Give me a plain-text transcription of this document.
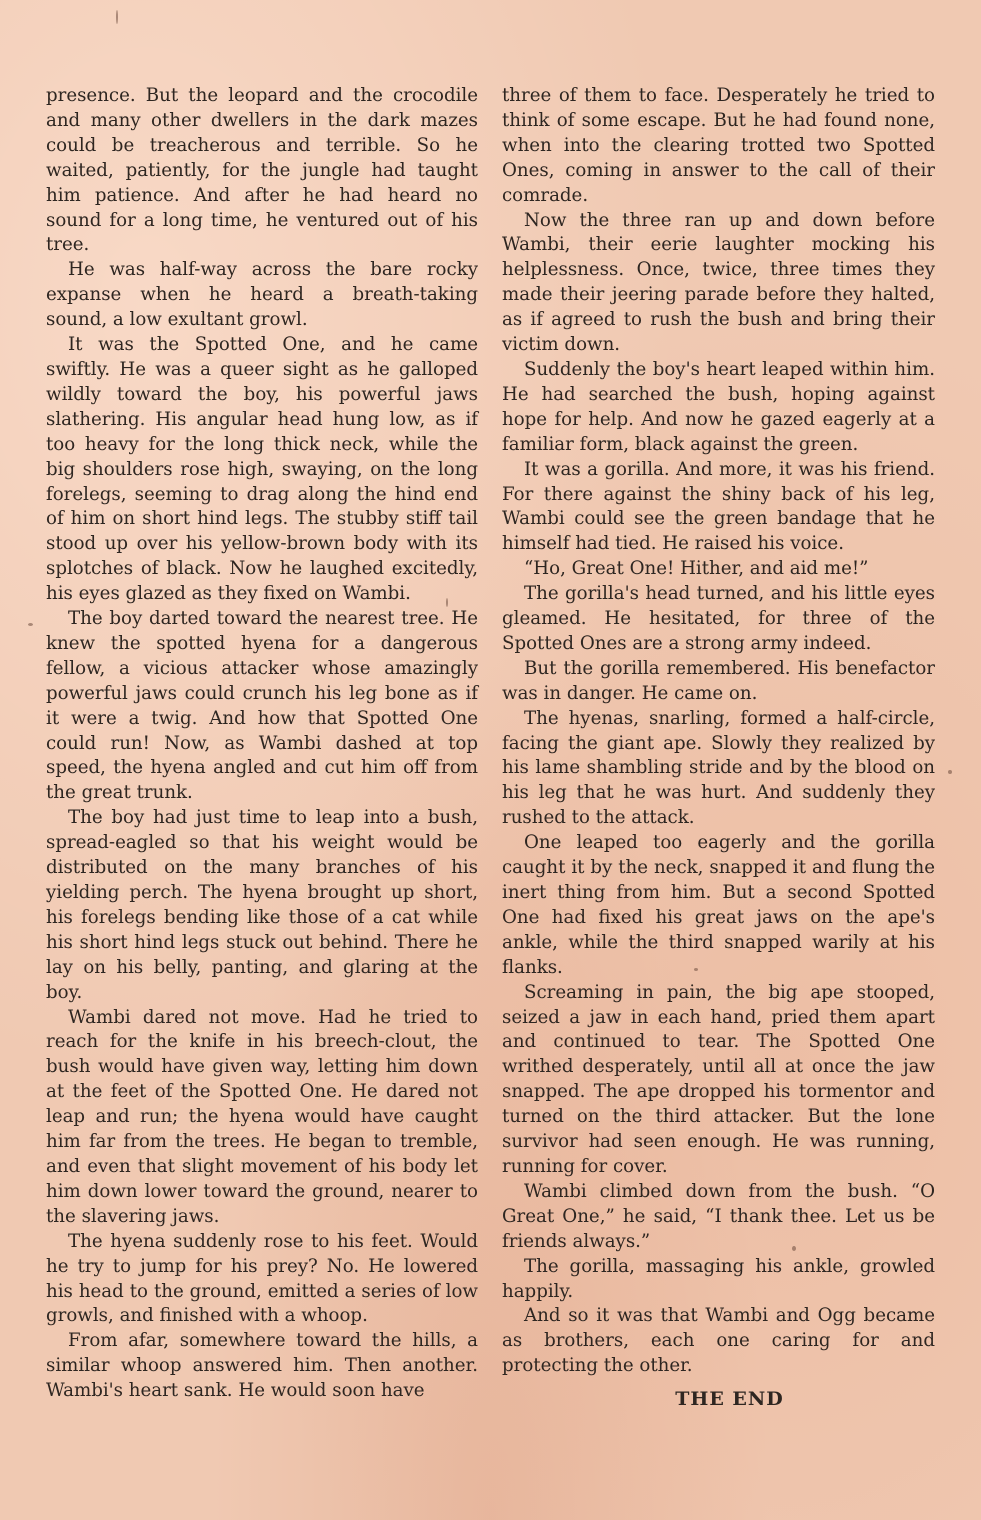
presence. But the leopard and the crocodile and many other dwellers in the dark mazes could be treacherous and terrible. So he waited, patiently, for the jungle had taught him patience. And after he had heard no sound for a long time, he ventured out of his tree.

He was half-way across the bare rocky expanse when he heard a breath-taking sound, a low exultant growl.

It was the Spotted One, and he came swiftly. He was a queer sight as he galloped wildly toward the boy, his powerful jaws slathering. His angular head hung low, as if too heavy for the long thick neck, while the big shoulders rose high, swaying, on the long forelegs, seeming to drag along the hind end of him on short hind legs. The stubby stiff tail stood up over his yellow-brown body with its splotches of black. Now he laughed excitedly, his eyes glazed as they fixed on Wambi.

The boy darted toward the nearest tree. He knew the spotted hyena for a dangerous fellow, a vicious attacker whose amazingly powerful jaws could crunch his leg bone as if it were a twig. And how that Spotted One could run! Now, as Wambi dashed at top speed, the hyena angled and cut him off from the great trunk.

The boy had just time to leap into a bush, spread-eagled so that his weight would be distributed on the many branches of his yielding perch. The hyena brought up short, his forelegs bending like those of a cat while his short hind legs stuck out behind. There he lay on his belly, panting, and glaring at the boy.

Wambi dared not move. Had he tried to reach for the knife in his breech-clout, the bush would have given way, letting him down at the feet of the Spotted One. He dared not leap and run; the hyena would have caught him far from the trees. He began to tremble, and even that slight movement of his body let him down lower toward the ground, nearer to the slavering jaws.

The hyena suddenly rose to his feet. Would he try to jump for his prey? No. He lowered his head to the ground, emitted a series of low growls, and finished with a whoop.

From afar, somewhere toward the hills, a similar whoop answered him. Then another. Wambi's heart sank. He would soon have

three of them to face. Desperately he tried to think of some escape. But he had found none, when into the clearing trotted two Spotted Ones, coming in answer to the call of their comrade.

Now the three ran up and down before Wambi, their eerie laughter mocking his helplessness. Once, twice, three times they made their jeering parade before they halted, as if agreed to rush the bush and bring their victim down.

Suddenly the boy's heart leaped within him. He had searched the bush, hoping against hope for help. And now he gazed eagerly at a familiar form, black against the green.

It was a gorilla. And more, it was his friend. For there against the shiny back of his leg, Wambi could see the green bandage that he himself had tied. He raised his voice.

“Ho, Great One! Hither, and aid me!”

The gorilla's head turned, and his little eyes gleamed. He hesitated, for three of the Spotted Ones are a strong army indeed.

But the gorilla remembered. His benefactor was in danger. He came on.

The hyenas, snarling, formed a half-circle, facing the giant ape. Slowly they realized by his lame shambling stride and by the blood on his leg that he was hurt. And suddenly they rushed to the attack.

One leaped too eagerly and the gorilla caught it by the neck, snapped it and flung the inert thing from him. But a second Spotted One had fixed his great jaws on the ape's ankle, while the third snapped warily at his flanks.

Screaming in pain, the big ape stooped, seized a jaw in each hand, pried them apart and continued to tear. The Spotted One writhed desperately, until all at once the jaw snapped. The ape dropped his tormentor and turned on the third attacker. But the lone survivor had seen enough. He was running, running for cover.

Wambi climbed down from the bush. “O Great One,” he said, “I thank thee. Let us be friends always.”

The gorilla, massaging his ankle, growled happily.

And so it was that Wambi and Ogg became as brothers, each one caring for and protecting the other.

THE END
